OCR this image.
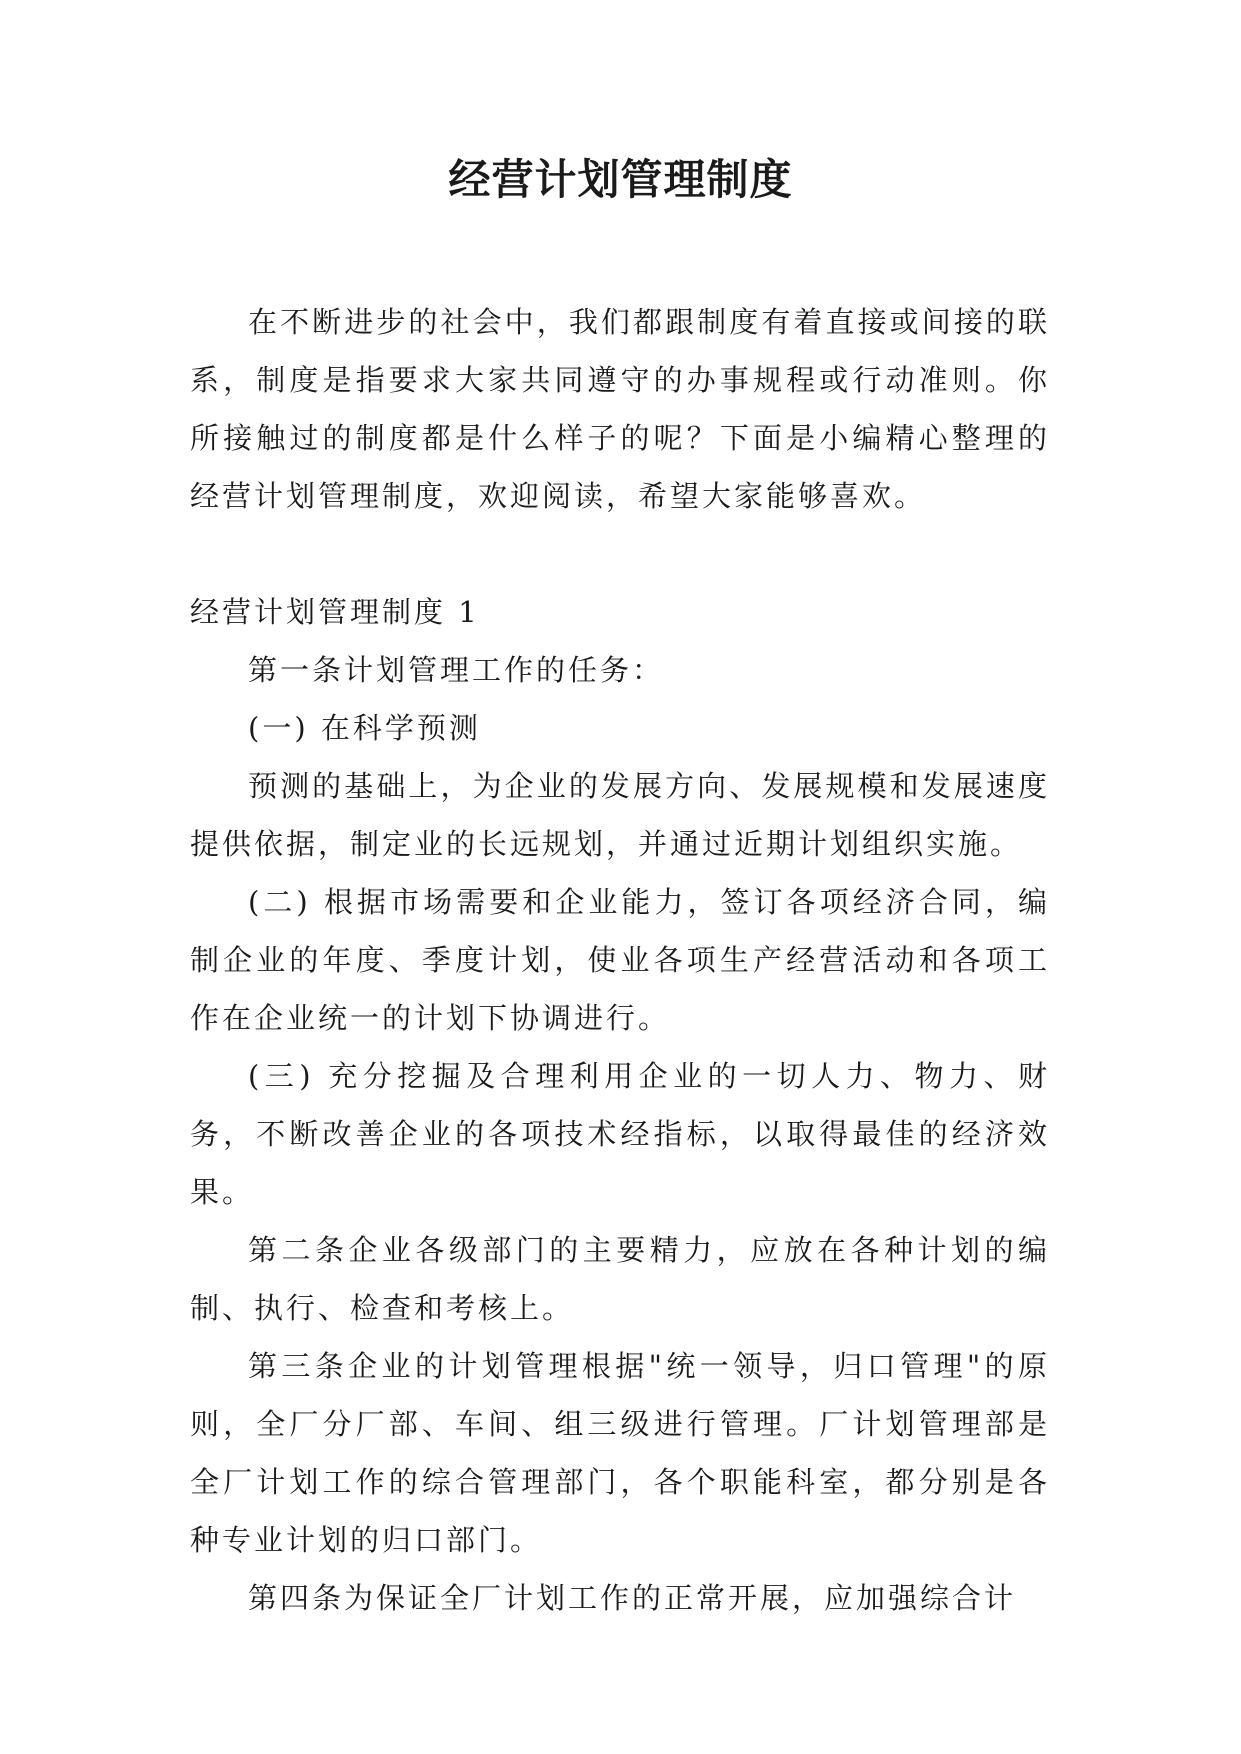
经营计划管理制度

在不断进步的社会中，我们都跟制度有着直接或间接的联系，制度是指要求大家共同遵守的办事规程或行动准则。你所接触过的制度都是什么样子的呢？下面是小编精心整理的经营计划管理制度，欢迎阅读，希望大家能够喜欢。

经营计划管理制度 1

第一条计划管理工作的任务：

(一) 在科学预测

预测的基础上，为企业的发展方向、发展规模和发展速度提供依据，制定业的长远规划，并通过近期计划组织实施。

(二) 根据市场需要和企业能力，签订各项经济合同，编制企业的年度、季度计划，使业各项生产经营活动和各项工作在企业统一的计划下协调进行。

(三) 充分挖掘及合理利用企业的一切人力、物力、财务，不断改善企业的各项技术经指标，以取得最佳的经济效果。

第二条企业各级部门的主要精力，应放在各种计划的编制、执行、检查和考核上。

第三条企业的计划管理根据"统一领导，归口管理"的原则，全厂分厂部、车间、组三级进行管理。厂计划管理部是全厂计划工作的综合管理部门，各个职能科室，都分别是各种专业计划的归口部门。

第四条为保证全厂计划工作的正常开展，应加强综合计
